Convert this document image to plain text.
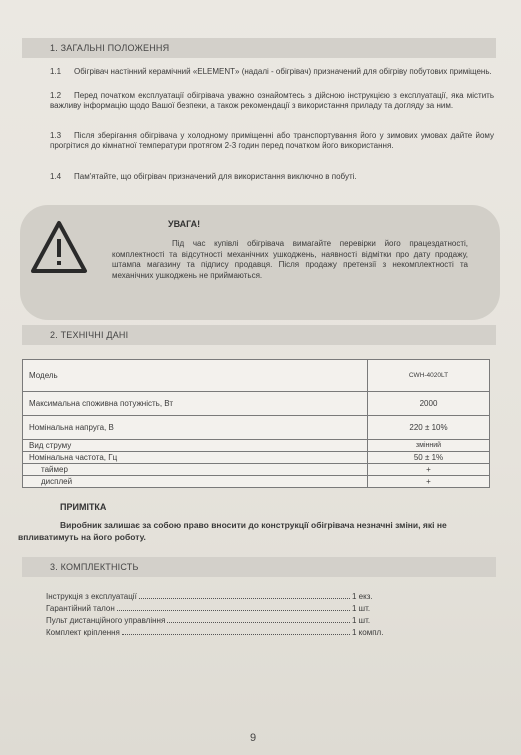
1. ЗАГАЛЬНІ ПОЛОЖЕННЯ
1.1 Обігрівач настінний керамічний «ELEMENT» (надалі - обігрівач) призначений для обігріву побутових приміщень.
1.2 Перед початком експлуатації обігрівача уважно ознайомтесь з дійсною інструкцією з експлуатації, яка містить важливу інформацію щодо Вашої безпеки, а також рекомендації з використання приладу та догляду за ним.
1.3 Після зберігання обігрівача у холодному приміщенні або транспортування його у зимових умовах дайте йому прогрітися до кімнатної температури протягом 2-3 годин перед початком його використання.
1.4 Пам'ятайте, що обігрівач призначений для використання виключно в побуті.
УВАГА!
Під час купівлі обігрівача вимагайте перевірки його працездатності, комплектності та відсутності механічних ушкоджень, наявності відмітки про дату продажу, штампа магазину та підпису продавця. Після продажу претензії з некомплектності та механічних ушкоджень не приймаються.
2. ТЕХНІЧНІ ДАНІ
Модель	CWH-4020LT
Максимальна споживна потужність, Вт	2000
Номінальна напруга, В	220 ± 10%
Вид струму	змінний
Номінальна частота, Гц	50 ± 1%
таймер	+
дисплей	+
ПРИМІТКА
Виробник залишає за собою право вносити до конструкції обігрівача незначні зміни, які не впливатимуть на його роботу.
3. КОМПЛЕКТНІСТЬ
Інструкція з експлуатації	1 екз.
Гарантійний талон	1 шт.
Пульт дистанційного управління	1 шт.
Комплект кріплення	1 компл.
9
